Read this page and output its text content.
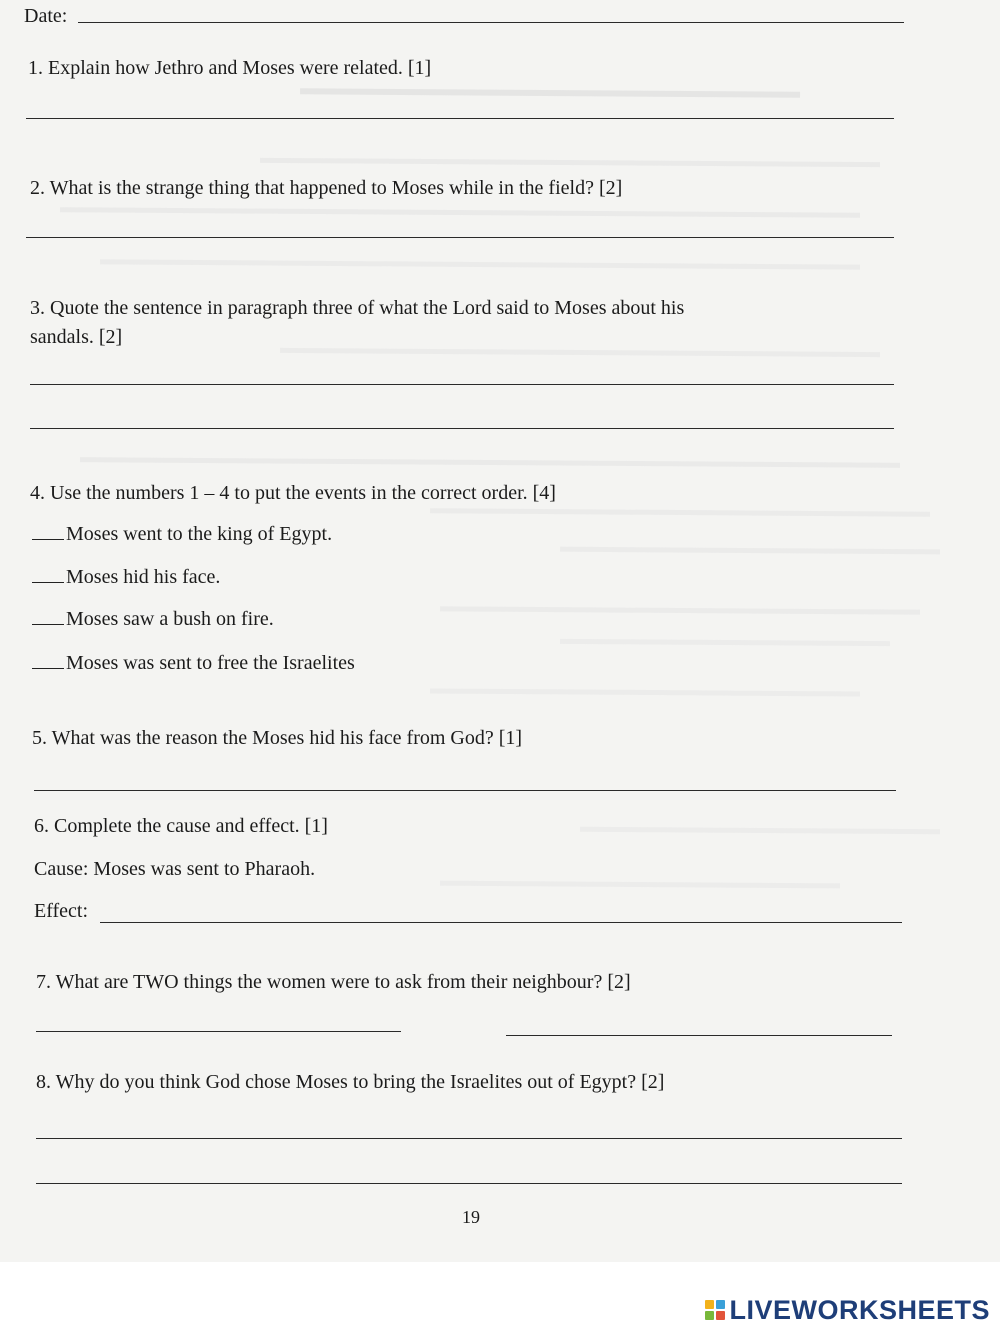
Date:
1. Explain how Jethro and Moses were related. [1]
2. What is the strange thing that happened to Moses while in the field? [2]
3. Quote the sentence in paragraph three of what the Lord said to Moses about his
sandals. [2]
4. Use the numbers 1 – 4 to put the events in the correct order. [4]
Moses went to the king of Egypt.
Moses hid his face.
Moses saw a bush on fire.
Moses was sent to free the Israelites
5. What was the reason the Moses hid his face from God? [1]
6. Complete the cause and effect. [1]
Cause: Moses was sent to Pharaoh.
Effect:
7. What are TWO things the women were to ask from their neighbour? [2]
8. Why do you think God chose Moses to bring the Israelites out of Egypt? [2]
19
LIVEWORKSHEETS
